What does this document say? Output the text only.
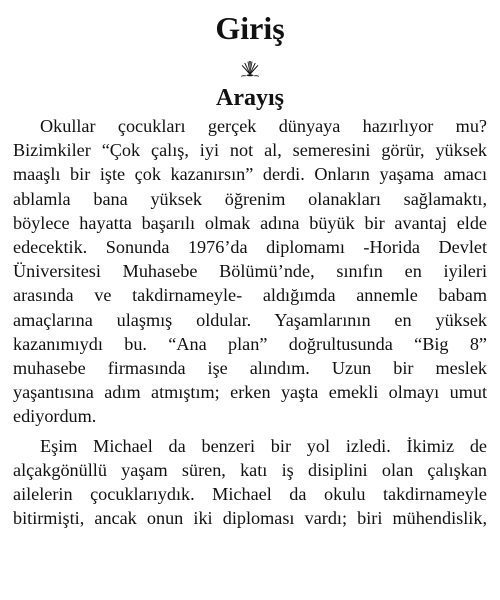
Giriş
Arayış

Okullar çocukları gerçek dünyaya hazırlıyor mu?
Bizimkiler “Çok çalış, iyi not al, semeresini görür, yüksek
maaşlı bir işte çok kazanırsın” derdi. Onların yaşama amacı
ablamla bana yüksek öğrenim olanakları sağlamaktı,
böylece hayatta başarılı olmak adına büyük bir avantaj elde
edecektik. Sonunda 1976’da diplomamı -Horida Devlet
Üniversitesi Muhasebe Bölümü’nde, sınıfın en iyileri
arasında ve takdirnameyle- aldığımda annemle babam
amaçlarına ulaşmış oldular. Yaşamlarının en yüksek
kazanımıydı bu. “Ana plan” doğrultusunda “Big 8”
muhasebe firmasında işe alındım. Uzun bir meslek
yaşantısına adım atmıştım; erken yaşta emekli olmayı umut
ediyordum.

Eşim Michael da benzeri bir yol izledi. İkimiz de
alçakgönüllü yaşam süren, katı iş disiplini olan çalışkan
ailelerin çocuklarıydık. Michael da okulu takdirnameyle
bitirmişti, ancak onun iki diploması vardı; biri mühendislik,
